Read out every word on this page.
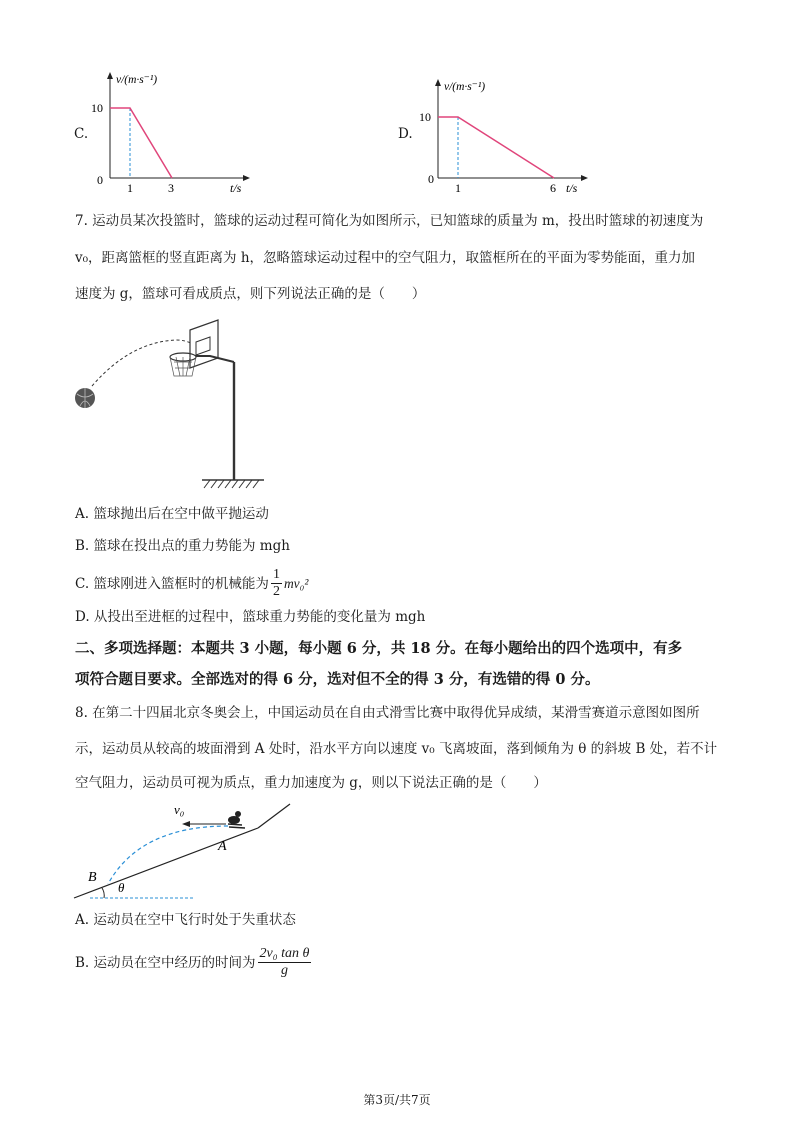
C.
v/(m·s⁻¹)
10
0
1	3	t/s
D.
v/(m·s⁻¹)
10
0
1	6 t/s
7. 运动员某次投篮时，篮球的运动过程可简化为如图所示，已知篮球的质量为 m，投出时篮球的初速度为
v₀，距离篮框的竖直距离为 h，忽略篮球运动过程中的空气阻力，取篮框所在的平面为零势能面，重力加
速度为 g，篮球可看成质点，则下列说法正确的是（　　）
A. 篮球抛出后在空中做平抛运动
B. 篮球在投出点的重力势能为 mgh
C. 篮球刚进入篮框时的机械能为 $\frac{1}{2} mv_0^2$
D. 从投出至进框的过程中，篮球重力势能的变化量为 mgh
二、多项选择题：本题共 3 小题，每小题 6 分，共 18 分。在每小题给出的四个选项中，有多
项符合题目要求。全部选对的得 6 分，选对但不全的得 3 分，有选错的得 0 分。
8. 在第二十四届北京冬奥会上，中国运动员在自由式滑雪比赛中取得优异成绩，某滑雪赛道示意图如图所
示，运动员从较高的坡面滑到 A 处时，沿水平方向以速度 v₀ 飞离坡面，落到倾角为 θ 的斜坡 B 处，若不计
空气阻力，运动员可视为质点，重力加速度为 g，则以下说法正确的是（　　）
v₀
A
B
θ
A. 运动员在空中飞行时处于失重状态
B. 运动员在空中经历的时间为 $\frac{\text{2v₀ tan θ}}{g}$
第3页/共7页
